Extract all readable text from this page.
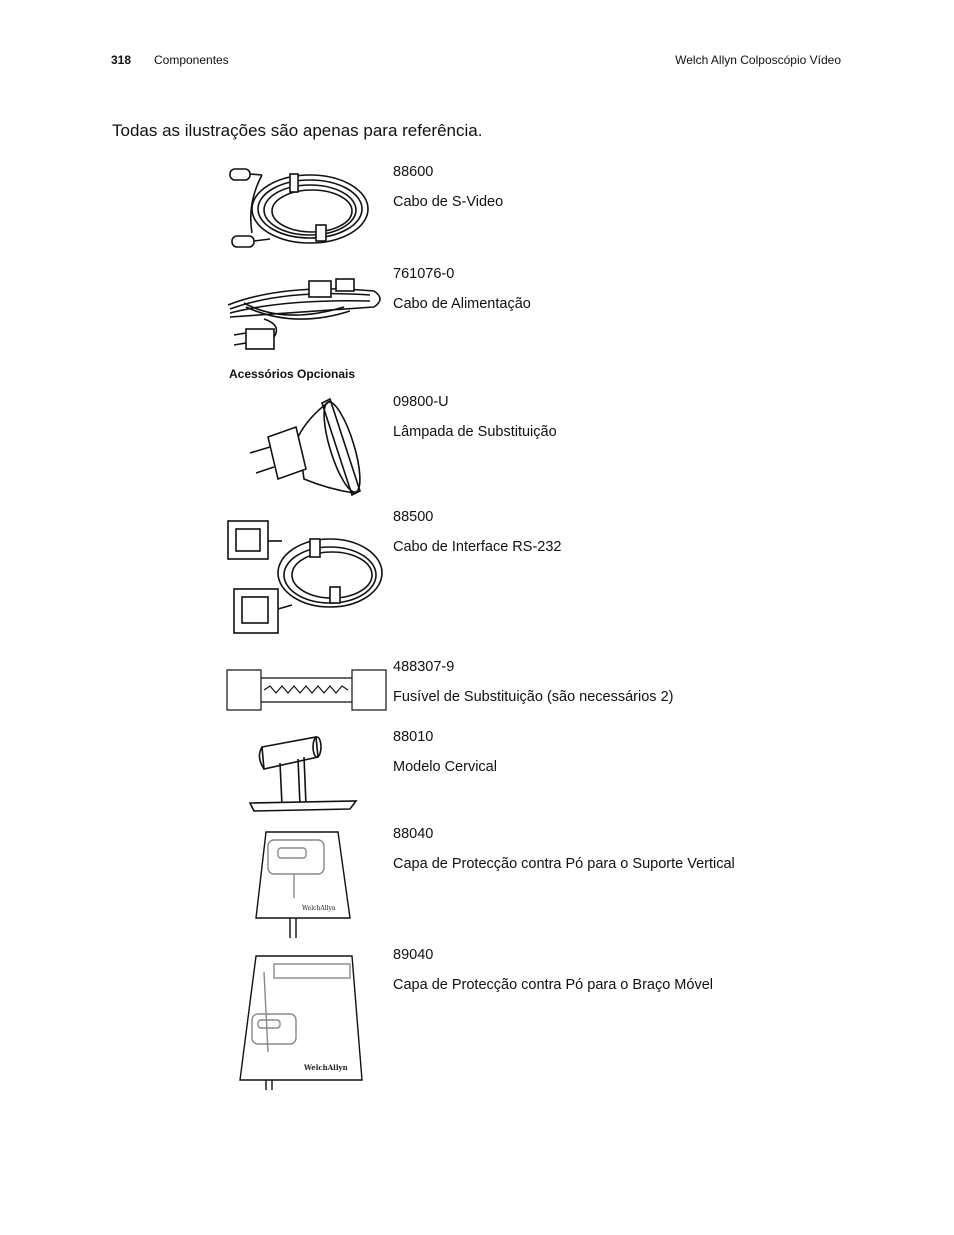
318 Componentes	Welch Allyn Colposcópio Vídeo
Todas as ilustrações são apenas para referência.
Acessórios Opcionais
88600
Cabo de S-Video
761076-0
Cabo de Alimentação
09800-U
Lâmpada de Substituição
88500
Cabo de Interface RS-232
488307-9
Fusível de Substituição (são necessários 2)
88010
Modelo Cervical
88040
Capa de Protecção contra Pó para o Suporte Vertical
89040
Capa de Protecção contra Pó para o Braço Móvel
WelchAllyn
WelchAllyn
